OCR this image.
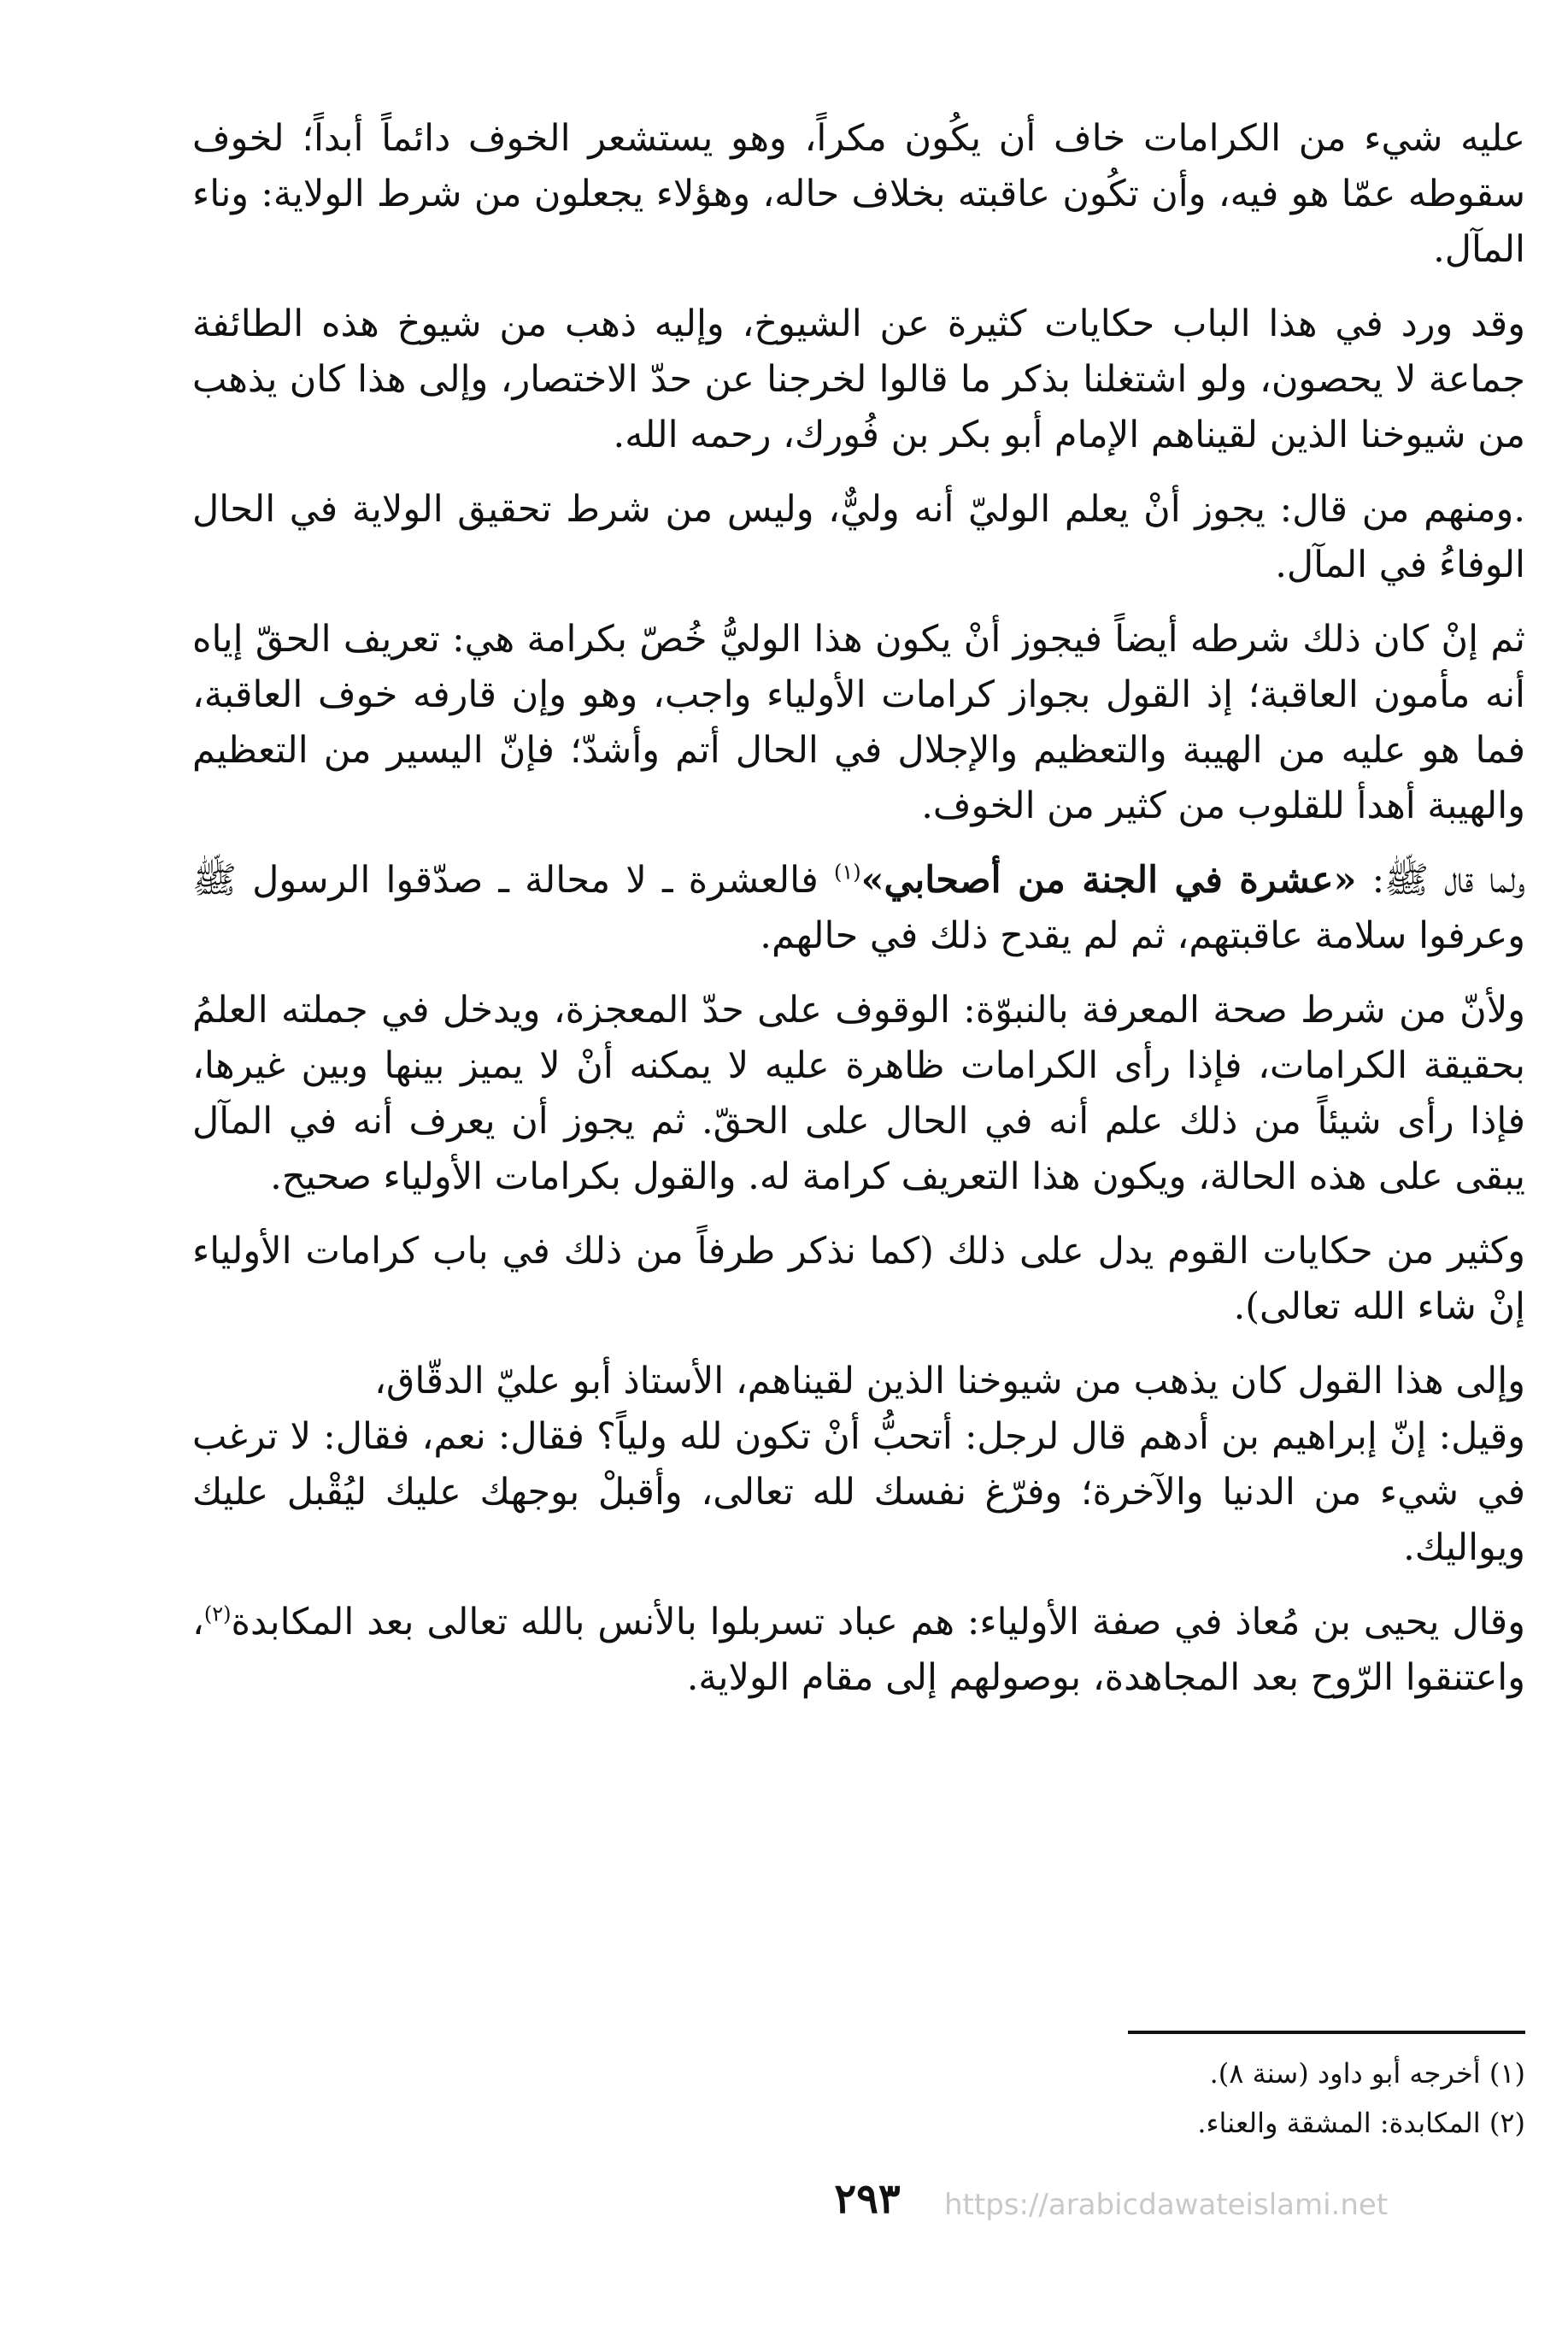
عليه شيء من الكرامات خاف أن يكُون مكراً، وهو يستشعر الخوف دائماً أبداً؛ لخوف سقوطه عمّا هو فيه، وأن تكُون عاقبته بخلاف حاله، وهؤلاء يجعلون من شرط الولاية: وناء المآل.

وقد ورد في هذا الباب حكايات كثيرة عن الشيوخ، وإليه ذهب من شيوخ هذه الطائفة جماعة لا يحصون، ولو اشتغلنا بذكر ما قالوا لخرجنا عن حدّ الاختصار، وإلى هذا كان يذهب من شيوخنا الذين لقيناهم الإمام أبو بكر بن فُورك، رحمه الله.

.ومنهم من قال: يجوز أنْ يعلم الوليّ أنه وليٌّ، وليس من شرط تحقيق الولاية في الحال الوفاءُ في المآل.

ثم إنْ كان ذلك شرطه أيضاً فيجوز أنْ يكون هذا الوليُّ خُصّ بكرامة هي: تعريف الحقّ إياه أنه مأمون العاقبة؛ إذ القول بجواز كرامات الأولياء واجب، وهو وإن قارفه خوف العاقبة، فما هو عليه من الهيبة والتعظيم والإجلال في الحال أتم وأشدّ؛ فإنّ اليسير من التعظيم والهيبة أهدأ للقلوب من كثير من الخوف.

ولما قال ﷺ: «عشرة في الجنة من أصحابي»$^{(١)}$ فالعشرة ـ لا محالة ـ صدّقوا الرسول ﷺ وعرفوا سلامة عاقبتهم، ثم لم يقدح ذلك في حالهم.

ولأنّ من شرط صحة المعرفة بالنبوّة: الوقوف على حدّ المعجزة، ويدخل في جملته العلمُ بحقيقة الكرامات، فإذا رأى الكرامات ظاهرة عليه لا يمكنه أنْ لا يميز بينها وبين غيرها، فإذا رأى شيئاً من ذلك علم أنه في الحال على الحقّ. ثم يجوز أن يعرف أنه في المآل يبقى على هذه الحالة، ويكون هذا التعريف كرامة له. والقول بكرامات الأولياء صحيح.

وكثير من حكايات القوم يدل على ذلك (كما نذكر طرفاً من ذلك في باب كرامات الأولياء إنْ شاء الله تعالى).

وإلى هذا القول كان يذهب من شيوخنا الذين لقيناهم، الأستاذ أبو عليّ الدقّاق،

وقيل: إنّ إبراهيم بن أدهم قال لرجل: أتحبُّ أنْ تكون لله ولياً؟ فقال: نعم، فقال: لا ترغب في شيء من الدنيا والآخرة؛ وفرّغ نفسك لله تعالى، وأقبلْ بوجهك عليك ليُقْبل عليك ويواليك.

وقال يحيى بن مُعاذ في صفة الأولياء: هم عباد تسربلوا بالأنس بالله تعالى بعد المكابدة$^{(٢)}$، واعتنقوا الرّوح بعد المجاهدة، بوصولهم إلى مقام الولاية.

(١) أخرجه أبو داود (سنة ٨).

(٢) المكابدة: المشقة والعناء.

٢٩٣	https://arabicdawateislami.net
